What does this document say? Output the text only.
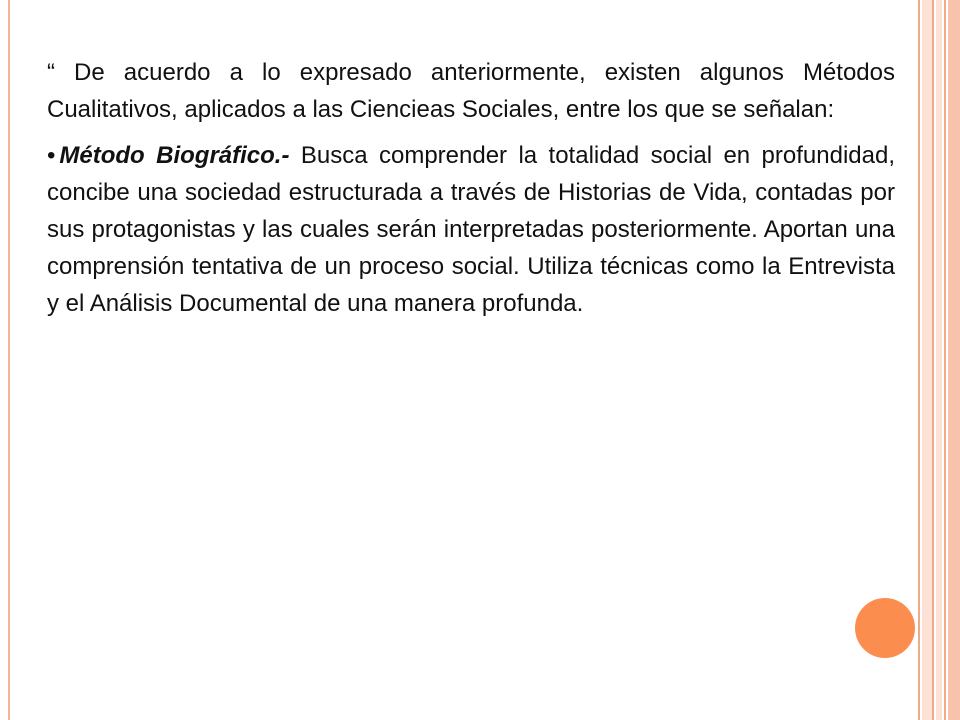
“ De acuerdo a lo expresado anteriormente, existen algunos Métodos Cualitativos, aplicados a las Ciencieas Sociales, entre los que se señalan:

• Método Biográfico.- Busca comprender la totalidad social en profundidad, concibe una sociedad estructurada a través de Historias de Vida, contadas por sus protagonistas y las cuales serán interpretadas posteriormente. Aportan una comprensión tentativa de un proceso social. Utiliza técnicas como la Entrevista y el Análisis Documental de una manera profunda.
